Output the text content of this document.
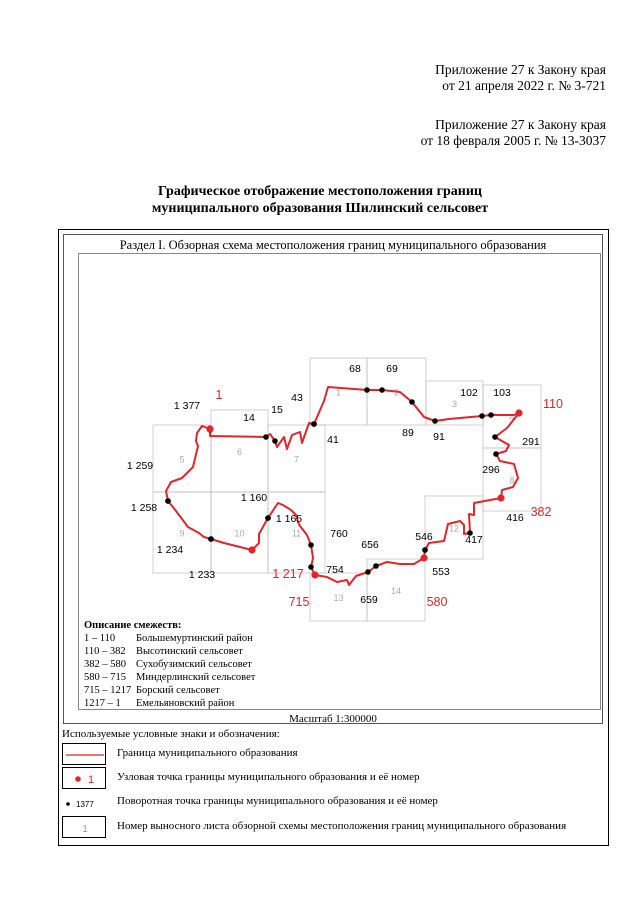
Приложение 27 к Закону края
от 21 апреля 2022 г. № 3-721
Приложение 27 к Закону края
от 18 февраля 2005 г. № 13-3037
Графическое отображение местоположения границ
муниципального образования Шилинский сельсовет
Раздел I. Обзорная схема местоположения границ муниципального образования
1	2
3
4
5
6
7
8
9	10	11	12
13
14
1 377
14
15
43
41
68 69
89 91
102 103
291
296
416
417
546
553
656
659
754
760
1 165
1 160
1 233
1 234
1 258
1 259
1
110
382
580
715
1 217
Описание смежеств:
1 – 110 Большемуртинский район
110 – 382 Высотинский сельсовет
382 – 580 Сухобузимский сельсовет
580 – 715 Миндерлинский сельсовет
715 – 1217 Борский сельсовет
1217 – 1 Емельяновский район
Масштаб 1:300000
Используемые условные знаки и обозначения:
Граница муниципального образования
1 Узловая точка границы муниципального образования и её номер
1377 Поворотная точка границы муниципального образования и её номер
1	Номер выносного листа обзорной схемы местоположения границ муниципального образования
